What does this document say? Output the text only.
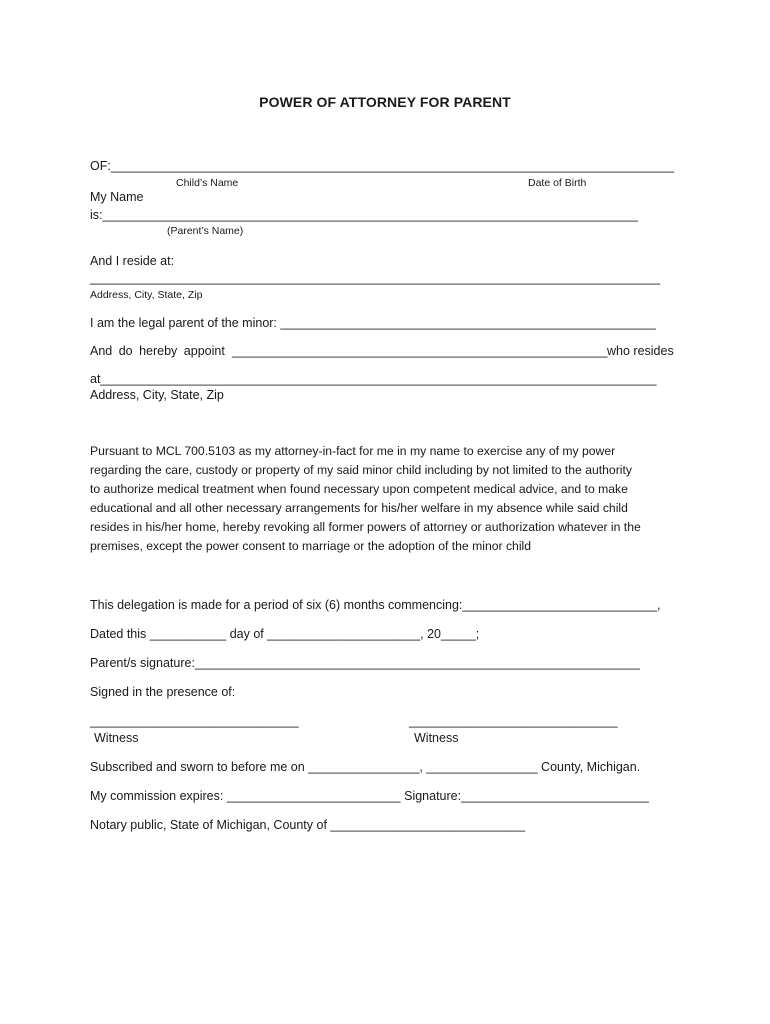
POWER OF ATTORNEY FOR PARENT
OF:_________________________________________________________________________________
Child’s Name	Date of Birth
My Name
is:_____________________________________________________________________________
(Parent’s Name)
And I reside at:
__________________________________________________________________________________
Address, City, State, Zip
I am the legal parent of the minor: ______________________________________________________
And do hereby appoint ______________________________________________________ who resides
at________________________________________________________________________________
Address, City, State, Zip
Pursuant to MCL 700.5103 as my attorney-in-fact for me in my name to exercise any of my power
regarding the care, custody or property of my said minor child including by not limited to the authority
to authorize medical treatment when found necessary upon competent medical advice, and to make
educational and all other necessary arrangements for his/her welfare in my absence while said child
resides in his/her home, hereby revoking all former powers of attorney or authorization whatever in the
premises, except the power consent to marriage or the adoption of the minor child
This delegation is made for a period of six (6) months commencing:____________________________,
Dated this ___________ day of ______________________, 20_____;
Parent/s signature:________________________________________________________________
Signed in the presence of:
______________________________	______________________________
Witness	Witness
Subscribed and sworn to before me on ________________, ________________ County, Michigan.
My commission expires: _________________________ Signature:___________________________
Notary public, State of Michigan, County of ____________________________
